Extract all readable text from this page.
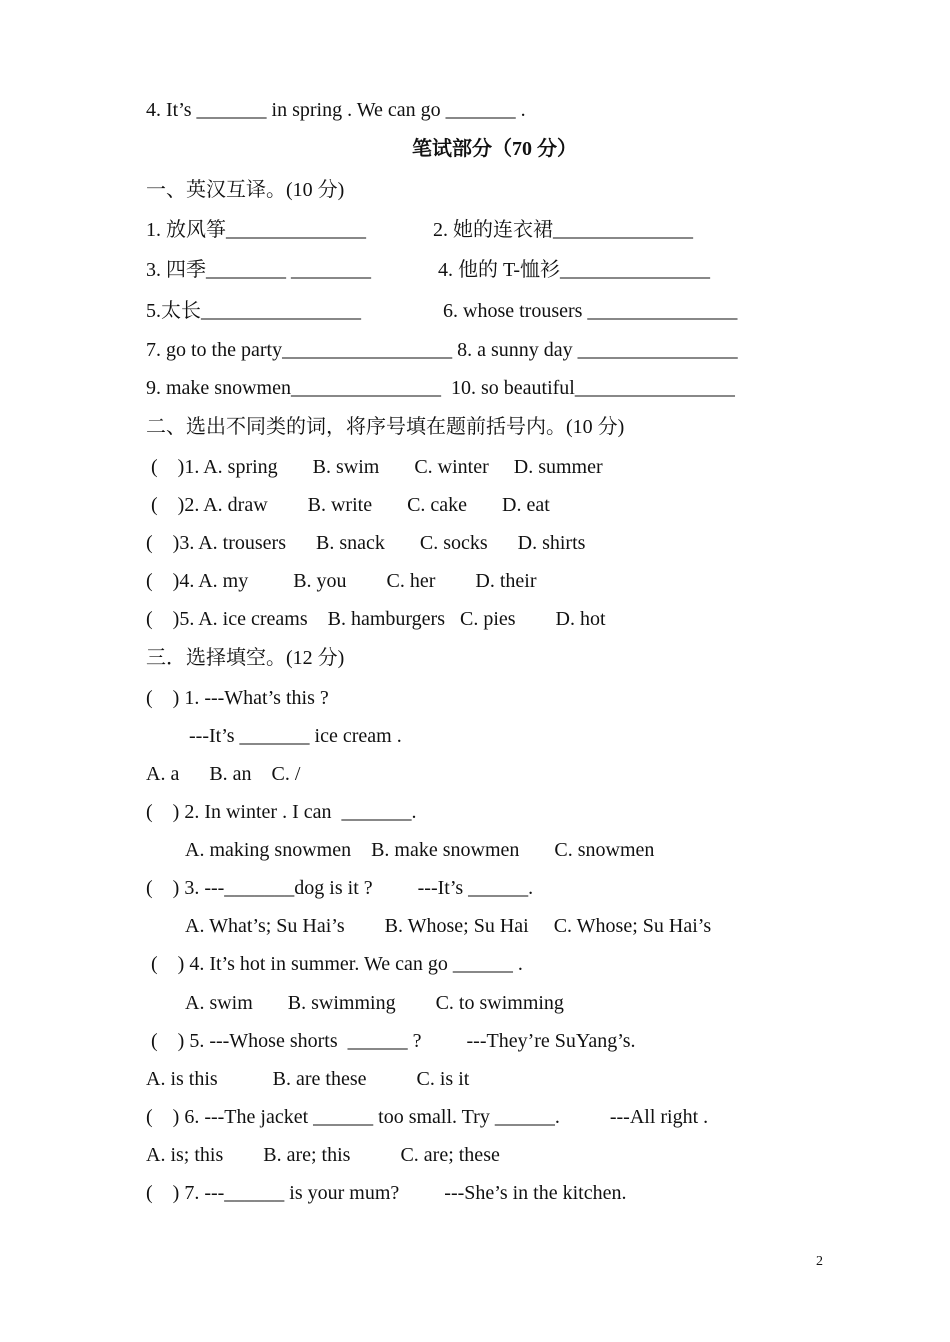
4. It’s _______ in spring . We can go _______ .
笔试部分（70 分）
一、英汉互译。(10 分)
1. 放风筝______________	2. 她的连衣裙______________
3. 四季________ ________	4. 他的 T-恤衫_______________
5.太长________________	6. whose trousers _______________
7. go to the party_________________ 8. a sunny day ________________
9. make snowmen_______________  10. so beautiful________________
二、选出不同类的词，将序号填在题前括号内。(10 分)
(    )1. A. spring       B. swim       C. winter     D. summer
(    )2. A. draw        B. write       C. cake       D. eat
(    )3. A. trousers      B. snack       C. socks      D. shirts
(    )4. A. my         B. you        C. her        D. their
(    )5. A. ice creams    B. hamburgers   C. pies        D. hot
三．选择填空。(12 分)
(    ) 1. ---What’s this ?
---It’s _______ ice cream .
A. a      B. an    C. /
(    ) 2. In winter . I can  _______.
A. making snowmen    B. make snowmen       C. snowmen
(    ) 3. ---_______dog is it ?         ---It’s ______.
A. What’s; Su Hai’s        B. Whose; Su Hai     C. Whose; Su Hai’s
(    ) 4. It’s hot in summer. We can go ______ .
A. swim       B. swimming        C. to swimming
(    ) 5. ---Whose shorts  ______ ?         ---They’re SuYang’s.
A. is this           B. are these          C. is it
(    ) 6. ---The jacket ______ too small. Try ______.          ---All right .
A. is; this        B. are; this          C. are; these
(    ) 7. ---______ is your mum?         ---She’s in the kitchen.
2
